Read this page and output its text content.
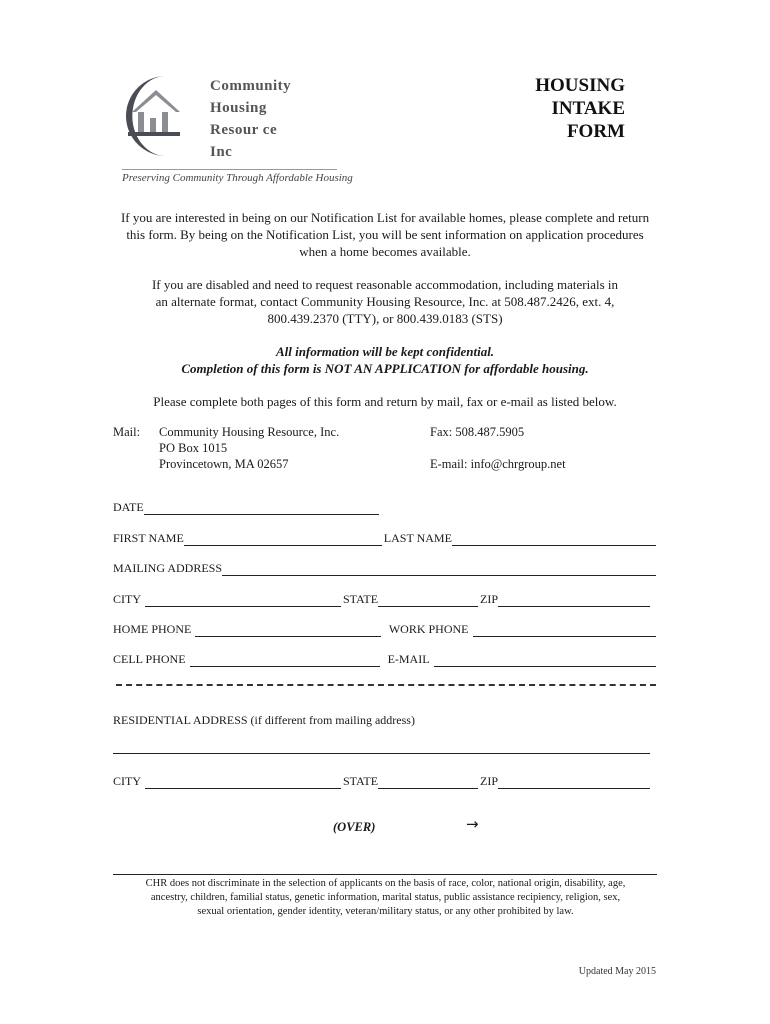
Community
Housing
Resour ce
Inc
Preserving Community Through Affordable Housing
HOUSING
INTAKE
FORM
If you are interested in being on our Notification List for available homes, please complete and return this form. By being on the Notification List, you will be sent information on application procedures when a home becomes available.
If you are disabled and need to request reasonable accommodation, including materials in
an alternate format, contact Community Housing Resource, Inc. at 508.487.2426, ext. 4,
800.439.2370 (TTY), or 800.439.0183 (STS)
All information will be kept confidential.
Completion of this form is NOT AN APPLICATION for affordable housing.
Please complete both pages of this form and return by mail, fax or e-mail as listed below.
Mail: Community Housing Resource, Inc.
PO Box 1015
Provincetown, MA 02657
Fax: 508.487.5905
E-mail: info@chrgroup.net
DATE
FIRST NAME	LAST NAME
MAILING ADDRESS
CITY	STATE	ZIP
HOME PHONE	WORK PHONE
CELL PHONE	E-MAIL
RESIDENTIAL ADDRESS (if different from mailing address)
CITY	STATE	ZIP
(OVER)	→
CHR does not discriminate in the selection of applicants on the basis of race, color, national origin, disability, age,
ancestry, children, familial status, genetic information, marital status, public assistance recipiency, religion, sex,
sexual orientation, gender identity, veteran/military status, or any other prohibited by law.
Updated May 2015
